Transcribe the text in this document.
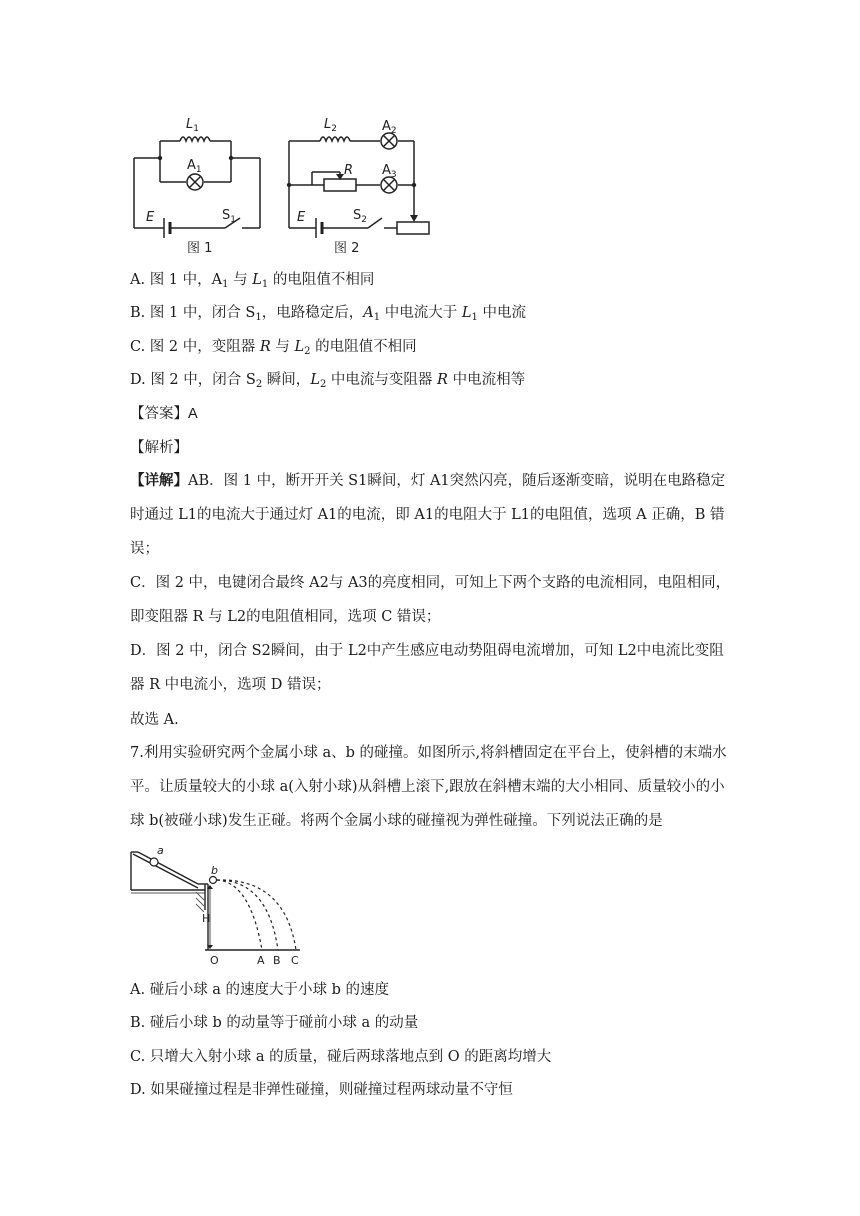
$L_1$
$A_1$
E	$S_1$
$L_2$	$A_2$
R $A_3$
E	$S_2$
图 1	图 2
A. 图 1 中，$A_1$ 与 $L_1$ 的电阻值不相同
B. 图 1 中，闭合 $S_1$，电路稳定后，$A_1$ 中电流大于 $L_1$ 中电流
C. 图 2 中，变阻器 R 与 $L_2$ 的电阻值不相同
D. 图 2 中，闭合 $S_2$ 瞬间，$L_2$ 中电流与变阻器 R 中电流相等
【答案】A
【解析】
【详解】AB．图 1 中，断开开关 S1瞬间，灯 A1突然闪亮，随后逐渐变暗，说明在电路稳定时通过 L1的电流大于通过灯 A1的电流，即 A1的电阻大于 L1的电阻值，选项 A 正确，B 错误；
C．图 2 中，电键闭合最终 A2与 A3的亮度相同，可知上下两个支路的电流相同，电阻相同，即变阻器 R 与 L2的电阻值相同，选项 C 错误；
D．图 2 中，闭合 S2瞬间，由于 L2中产生感应电动势阻碍电流增加，可知 L2中电流比变阻器 R 中电流小，选项 D 错误；
故选 A.
7.利用实验研究两个金属小球 a、b 的碰撞。如图所示,将斜槽固定在平台上，使斜槽的末端水平。让质量较大的小球 a(入射小球)从斜槽上滚下,跟放在斜槽末端的大小相同、质量较小的小球 b(被碰小球)发生正碰。将两个金属小球的碰撞视为弹性碰撞。下列说法正确的是
a
b
H
O	A B C
A. 碰后小球 a 的速度大于小球 b 的速度
B. 碰后小球 b 的动量等于碰前小球 a 的动量
C. 只增大入射小球 a 的质量，碰后两球落地点到 O 的距离均增大
D. 如果碰撞过程是非弹性碰撞，则碰撞过程两球动量不守恒
